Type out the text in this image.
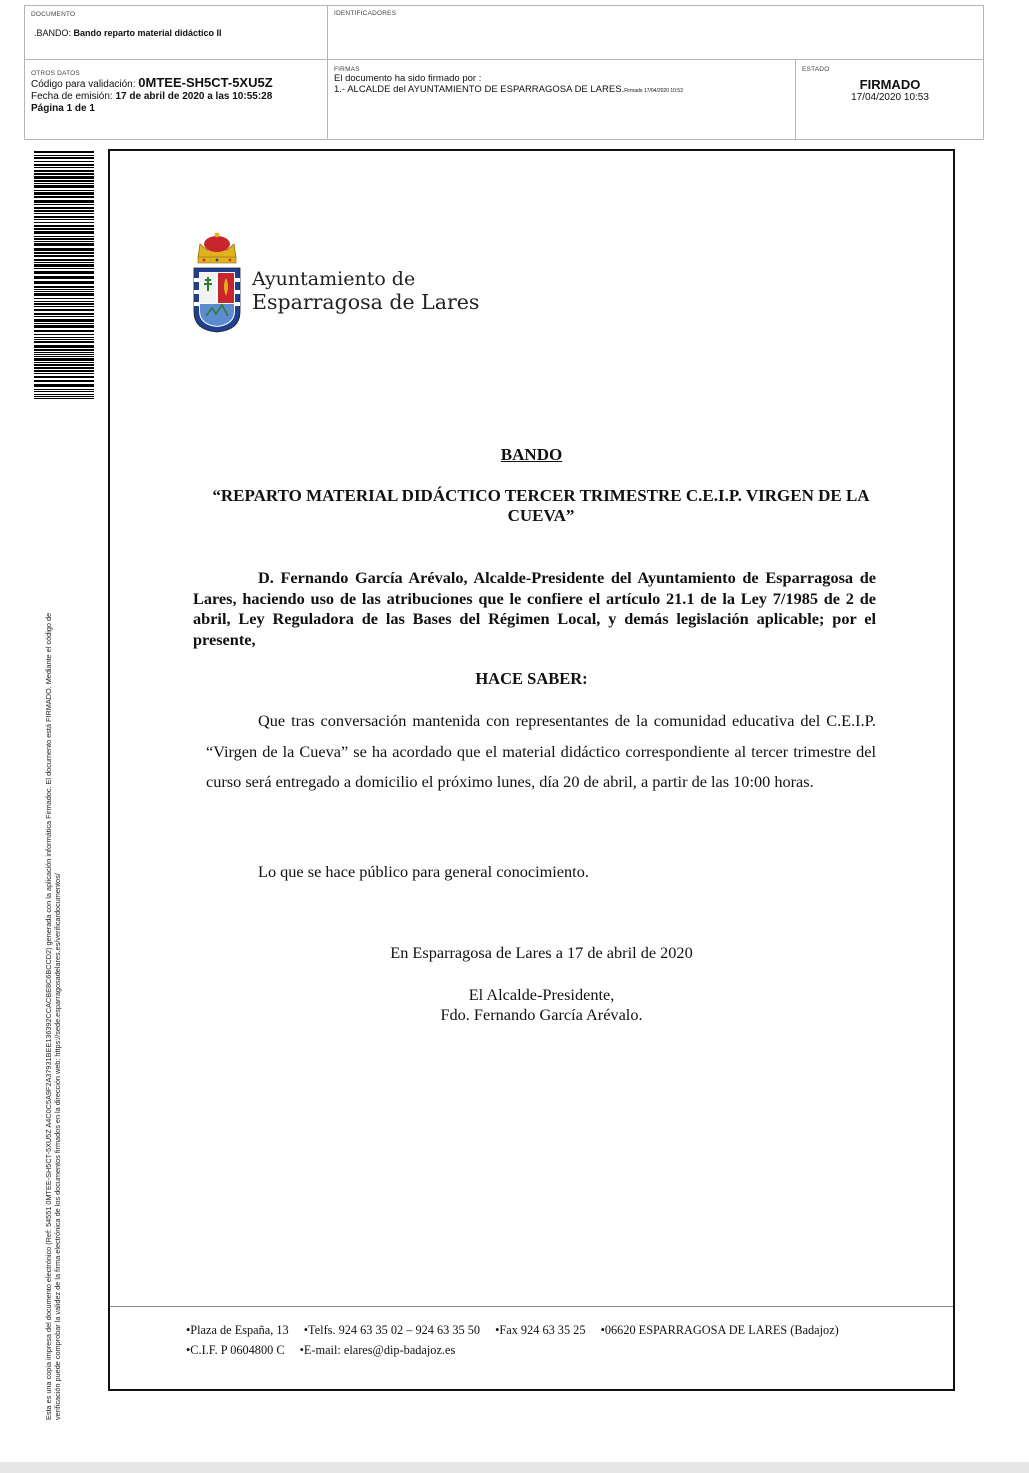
DOCUMENTO
.BANDO: Bando reparto material didáctico II
IDENTIFICADORES
OTROS DATOS
Código para validación: 0MTEE-SH5CT-5XU5Z
Fecha de emisión: 17 de abril de 2020 a las 10:55:28
Página 1 de 1
FIRMAS
El documento ha sido firmado por :
1.- ALCALDE del AYUNTAMIENTO DE ESPARRAGOSA DE LARES.Firmado 17/04/2020 10:53
ESTADO
FIRMADO
17/04/2020 10:53
Esta es una copia impresa del documento electrónico (Ref: 54551 0MTEE-SH5CT-5XU5Z A4C0C5A9F2A37931BEE136392CCACBE8C6BCCD2) generada con la aplicación informática Firmadoc. El documento está FIRMADO. Mediante el código de verificación puede comprobar la validez de la firma electrónica de los documentos firmados en la dirección web: https://sede.esparragosadelares.es/verificardocumentos/
Ayuntamiento de
Esparragosa de Lares
BANDO
“REPARTO MATERIAL DIDÁCTICO TERCER TRIMESTRE C.E.I.P. VIRGEN DE LA CUEVA”
D. Fernando García Arévalo, Alcalde-Presidente del Ayuntamiento de Esparragosa de Lares, haciendo uso de las atribuciones que le confiere el artículo 21.1 de la Ley 7/1985 de 2 de abril, Ley Reguladora de las Bases del Régimen Local, y demás legislación aplicable; por el presente,
HACE SABER:
Que tras conversación mantenida con representantes de la comunidad educativa del C.E.I.P. “Virgen de la Cueva” se ha acordado que el material didáctico correspondiente al tercer trimestre del curso será entregado a domicilio el próximo lunes, día 20 de abril, a partir de las 10:00 horas.
Lo que se hace público para general conocimiento.
En Esparragosa de Lares a 17 de abril de 2020
El Alcalde-Presidente,
Fdo. Fernando García Arévalo.
•Plaza de España, 13 •Telfs. 924 63 35 02 – 924 63 35 50 •Fax 924 63 35 25 •06620 ESPARRAGOSA DE LARES (Badajoz)
•C.I.F. P 0604800 C •E-mail: elares@dip-badajoz.es
